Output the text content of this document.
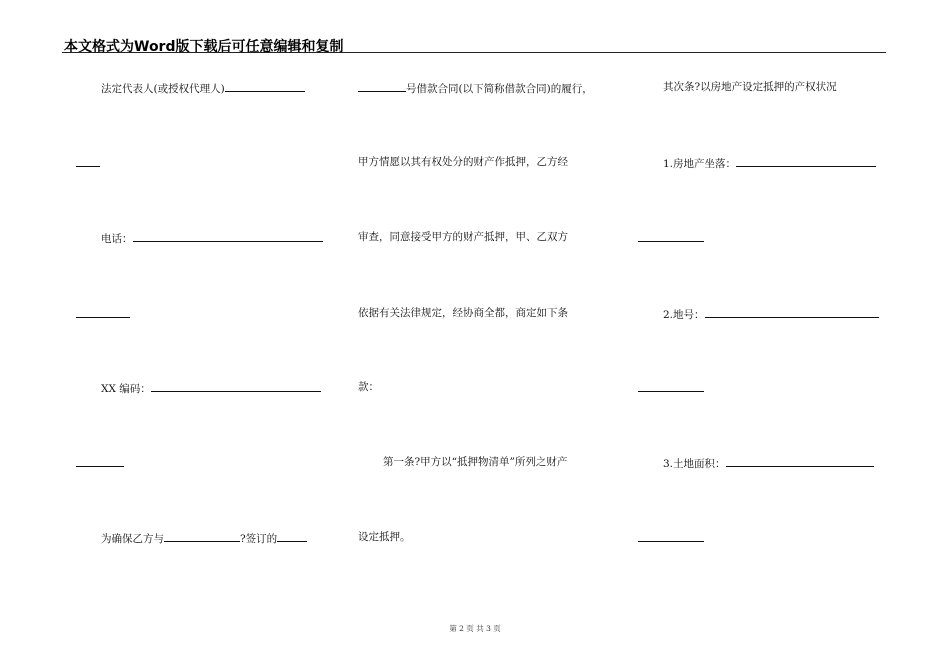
本文格式为Word版下载后可任意编辑和复制
法定代表人(或授权代理人)
电话：
XX 编码：
为确保乙方与	?签订的
号借款合同(以下简称借款合同)的履行，
甲方情愿以其有权处分的财产作抵押，乙方经
审查，同意接受甲方的财产抵押，甲、乙双方
依据有关法律规定，经协商全都，商定如下条
款：
第一条?甲方以“抵押物清单”所列之财产
设定抵押。
其次条?以房地产设定抵押的产权状况
1.房地产坐落：
2.地号：
3.土地面积：
第 2 页 共 3 页
